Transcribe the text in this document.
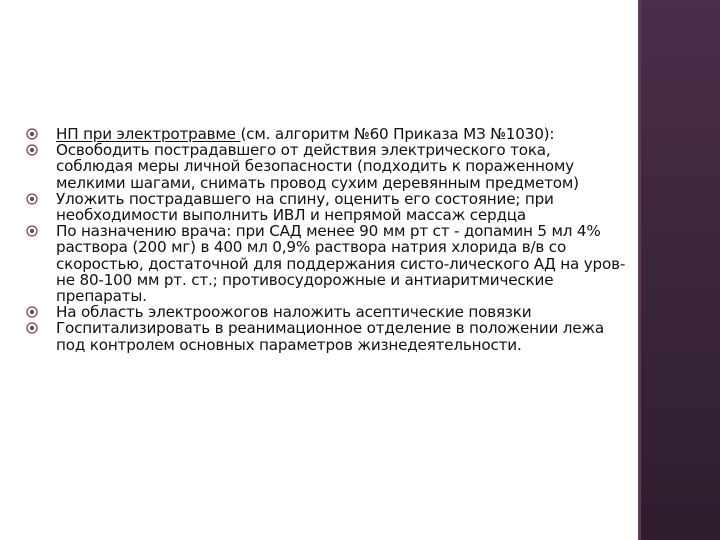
НП при электротравме (см. алгоритм №60 Приказа МЗ №1030):
Освободить пострадавшего от действия электрического тока, соблюдая меры личной безопасности (подходить к пораженному мелкими шагами, снимать провод сухим деревянным предметом)
Уложить пострадавшего на спину, оценить его состояние; при необходимости выполнить ИВЛ и непрямой массаж сердца
По назначению врача: при САД менее 90 мм рт ст - допамин 5 мл 4% раствора (200 мг) в 400 мл 0,9% раствора натрия хлорида в/в со скоростью, достаточной для поддержания систо-лического АД на уров-не 80-100 мм рт. ст.; противосудорожные и антиаритмические препараты.
На область электроожогов наложить асептические повязки
Госпитализировать в реанимационное отделение в положении лежа под контролем основных параметров жизнедеятельности.
